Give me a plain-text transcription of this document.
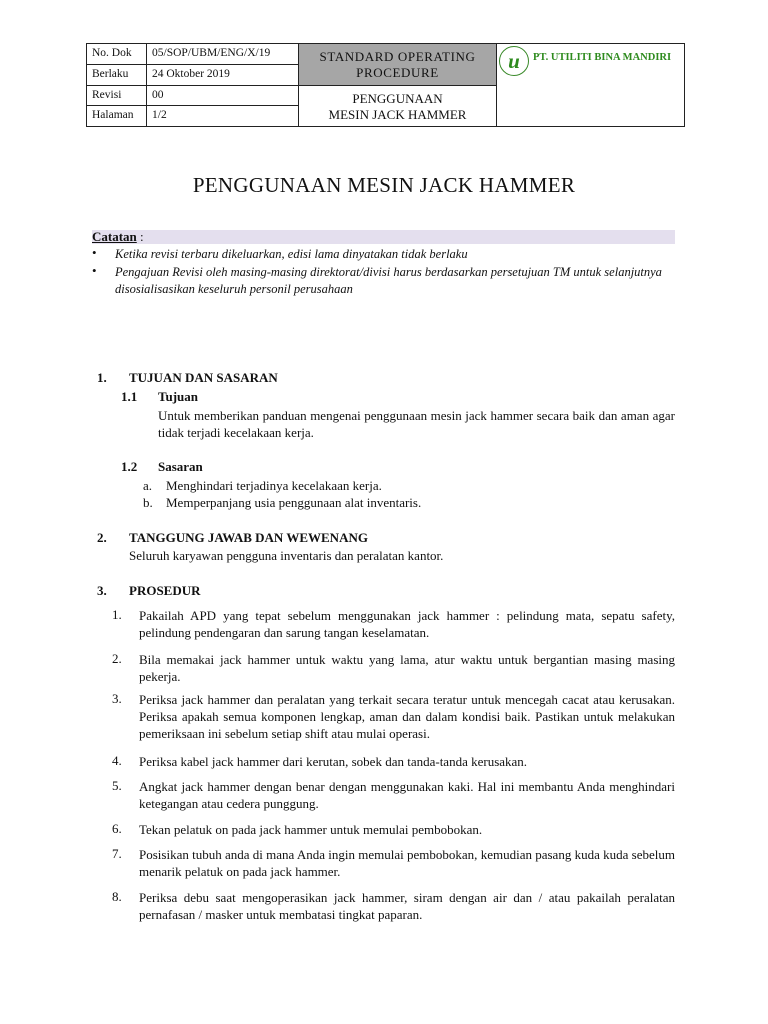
No. Dok 05/SOP/UBM/ENG/X/19
Berlaku 24 Oktober 2019
Revisi	00
Halaman 1/2
STANDARD OPERATING
PROCEDURE
PENGGUNAAN
MESIN JACK HAMMER
u	PT. UTILITI BINA MANDIRI
PENGGUNAAN MESIN JACK HAMMER
Catatan :
• Ketika revisi terbaru dikeluarkan, edisi lama dinyatakan tidak berlaku
• Pengajuan Revisi oleh masing-masing direktorat/divisi harus berdasarkan persetujuan TM untuk selanjutnya disosialisasikan keseluruh personil perusahaan
1. TUJUAN DAN SASARAN
1.1 Tujuan
Untuk memberikan panduan mengenai penggunaan mesin jack hammer secara baik dan aman agar tidak terjadi kecelakaan kerja.
1.2 Sasaran
a. Menghindari terjadinya kecelakaan kerja.
b. Memperpanjang usia penggunaan alat inventaris.
2. TANGGUNG JAWAB DAN WEWENANG
Seluruh karyawan pengguna inventaris dan peralatan kantor.
3. PROSEDUR
1. Pakailah APD yang tepat sebelum menggunakan jack hammer : pelindung mata, sepatu safety, pelindung pendengaran dan sarung tangan keselamatan.
2. Bila memakai jack hammer untuk waktu yang lama, atur waktu untuk bergantian masing masing pekerja.
3. Periksa jack hammer dan peralatan yang terkait secara teratur untuk mencegah cacat atau kerusakan. Periksa apakah semua komponen lengkap, aman dan dalam kondisi baik. Pastikan untuk melakukan pemeriksaan ini sebelum setiap shift atau mulai operasi.
4. Periksa kabel jack hammer dari kerutan, sobek dan tanda-tanda kerusakan.
5. Angkat jack hammer dengan benar dengan menggunakan kaki. Hal ini membantu Anda menghindari ketegangan atau cedera punggung.
6. Tekan pelatuk on pada jack hammer untuk memulai pembobokan.
7. Posisikan tubuh anda di mana Anda ingin memulai pembobokan, kemudian pasang kuda kuda sebelum menarik pelatuk on pada jack hammer.
8. Periksa debu saat mengoperasikan jack hammer, siram dengan air dan / atau pakailah peralatan pernafasan / masker untuk membatasi tingkat paparan.
